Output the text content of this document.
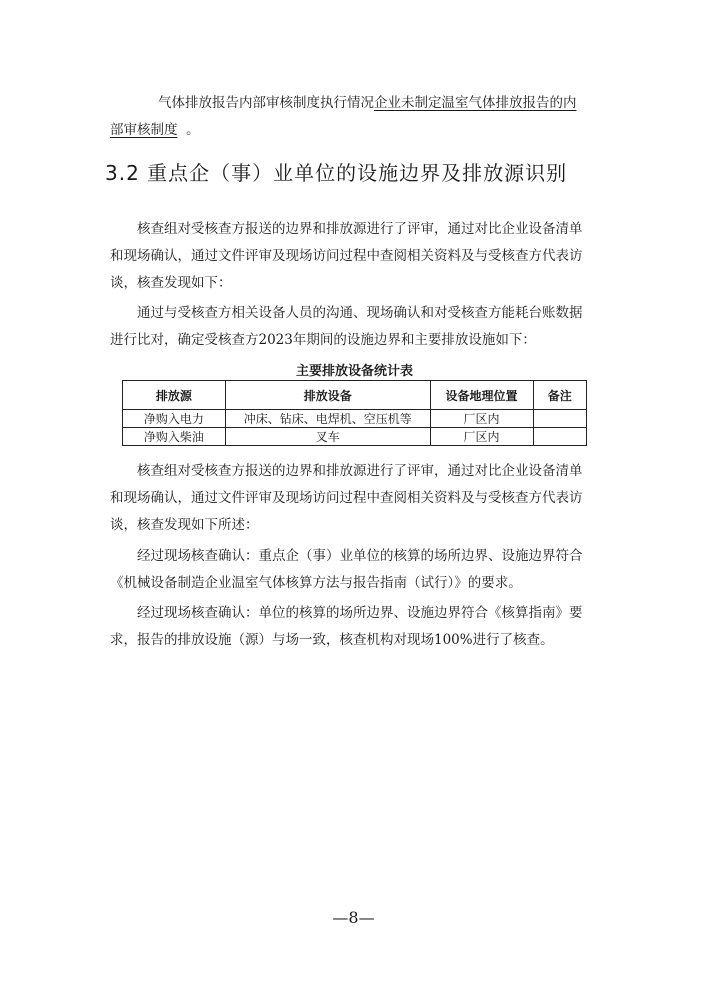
气体排放报告内部审核制度执行情况企业未制定温室气体排放报告的内
部审核制度 。

3.2 重点企（事）业单位的设施边界及排放源识别

核查组对受核查方报送的边界和排放源进行了评审，通过对比企业设备清单
和现场确认，通过文件评审及现场访问过程中查阅相关资料及与受核查方代表访
谈，核查发现如下：

通过与受核查方相关设备人员的沟通、现场确认和对受核查方能耗台账数据
进行比对，确定受核查方2023年期间的设施边界和主要排放设施如下：

主要排放设备统计表
排放源	排放设备	设备地理位置	备注
净购入电力	冲床、钻床、电焊机、空压机等	厂区内	
净购入柴油	叉车	厂区内	

核查组对受核查方报送的边界和排放源进行了评审，通过对比企业设备清单
和现场确认，通过文件评审及现场访问过程中查阅相关资料及与受核查方代表访
谈，核查发现如下所述：

经过现场核查确认：重点企（事）业单位的核算的场所边界、设施边界符合
《机械设备制造企业温室气体核算方法与报告指南（试行）》的要求。

经过现场核查确认：单位的核算的场所边界、设施边界符合《核算指南》要
求，报告的排放设施（源）与场一致，核查机构对现场100%进行了核查。

—8—
